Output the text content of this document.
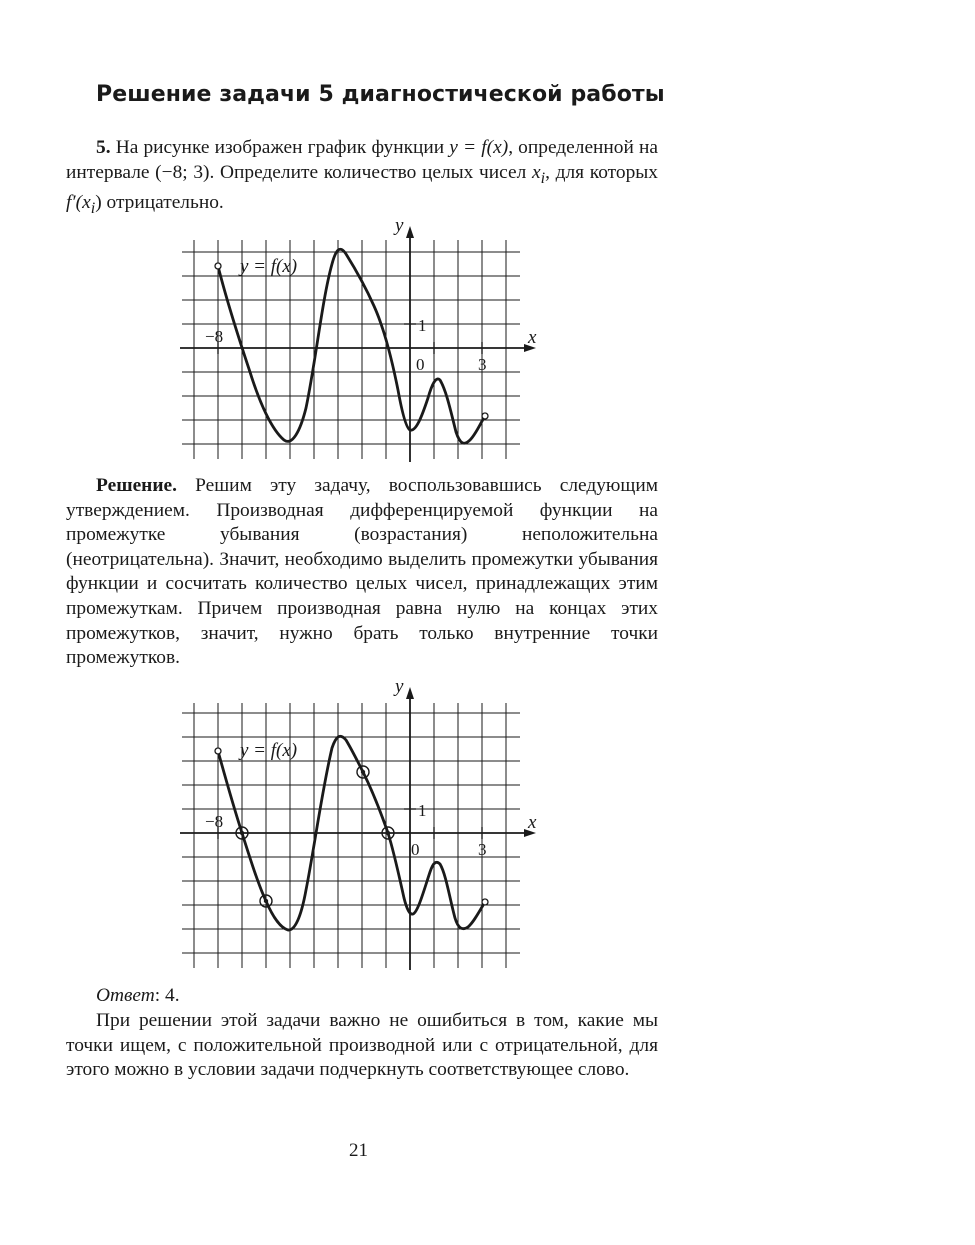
Решение задачи 5 диагностической работы
5. На рисунке изображен график функции y = f(x), определенной на интервале (−8; 3). Определите количество целых чисел $x_i$, для которых $f'(x_i)$ отрицательно.
y
x
y = f(x)
−8
1
0	3
Решение. Решим эту задачу, воспользовавшись следующим утверждением. Производная дифференцируемой функции на промежутке убывания (возрастания) неположительна (неотрицательна). Значит, необходимо выделить промежутки убывания функции и сосчитать количество целых чисел, принадлежащих этим промежуткам. Причем производная равна нулю на концах этих промежутков, значит, нужно брать только внутренние точки промежутков.
y
x
y = f(x)
−8
1
0	3
Ответ: 4.
При решении этой задачи важно не ошибиться в том, какие мы точки ищем, с положительной производной или с отрицательной, для этого можно в условии задачи подчеркнуть соответствующее слово.
21
